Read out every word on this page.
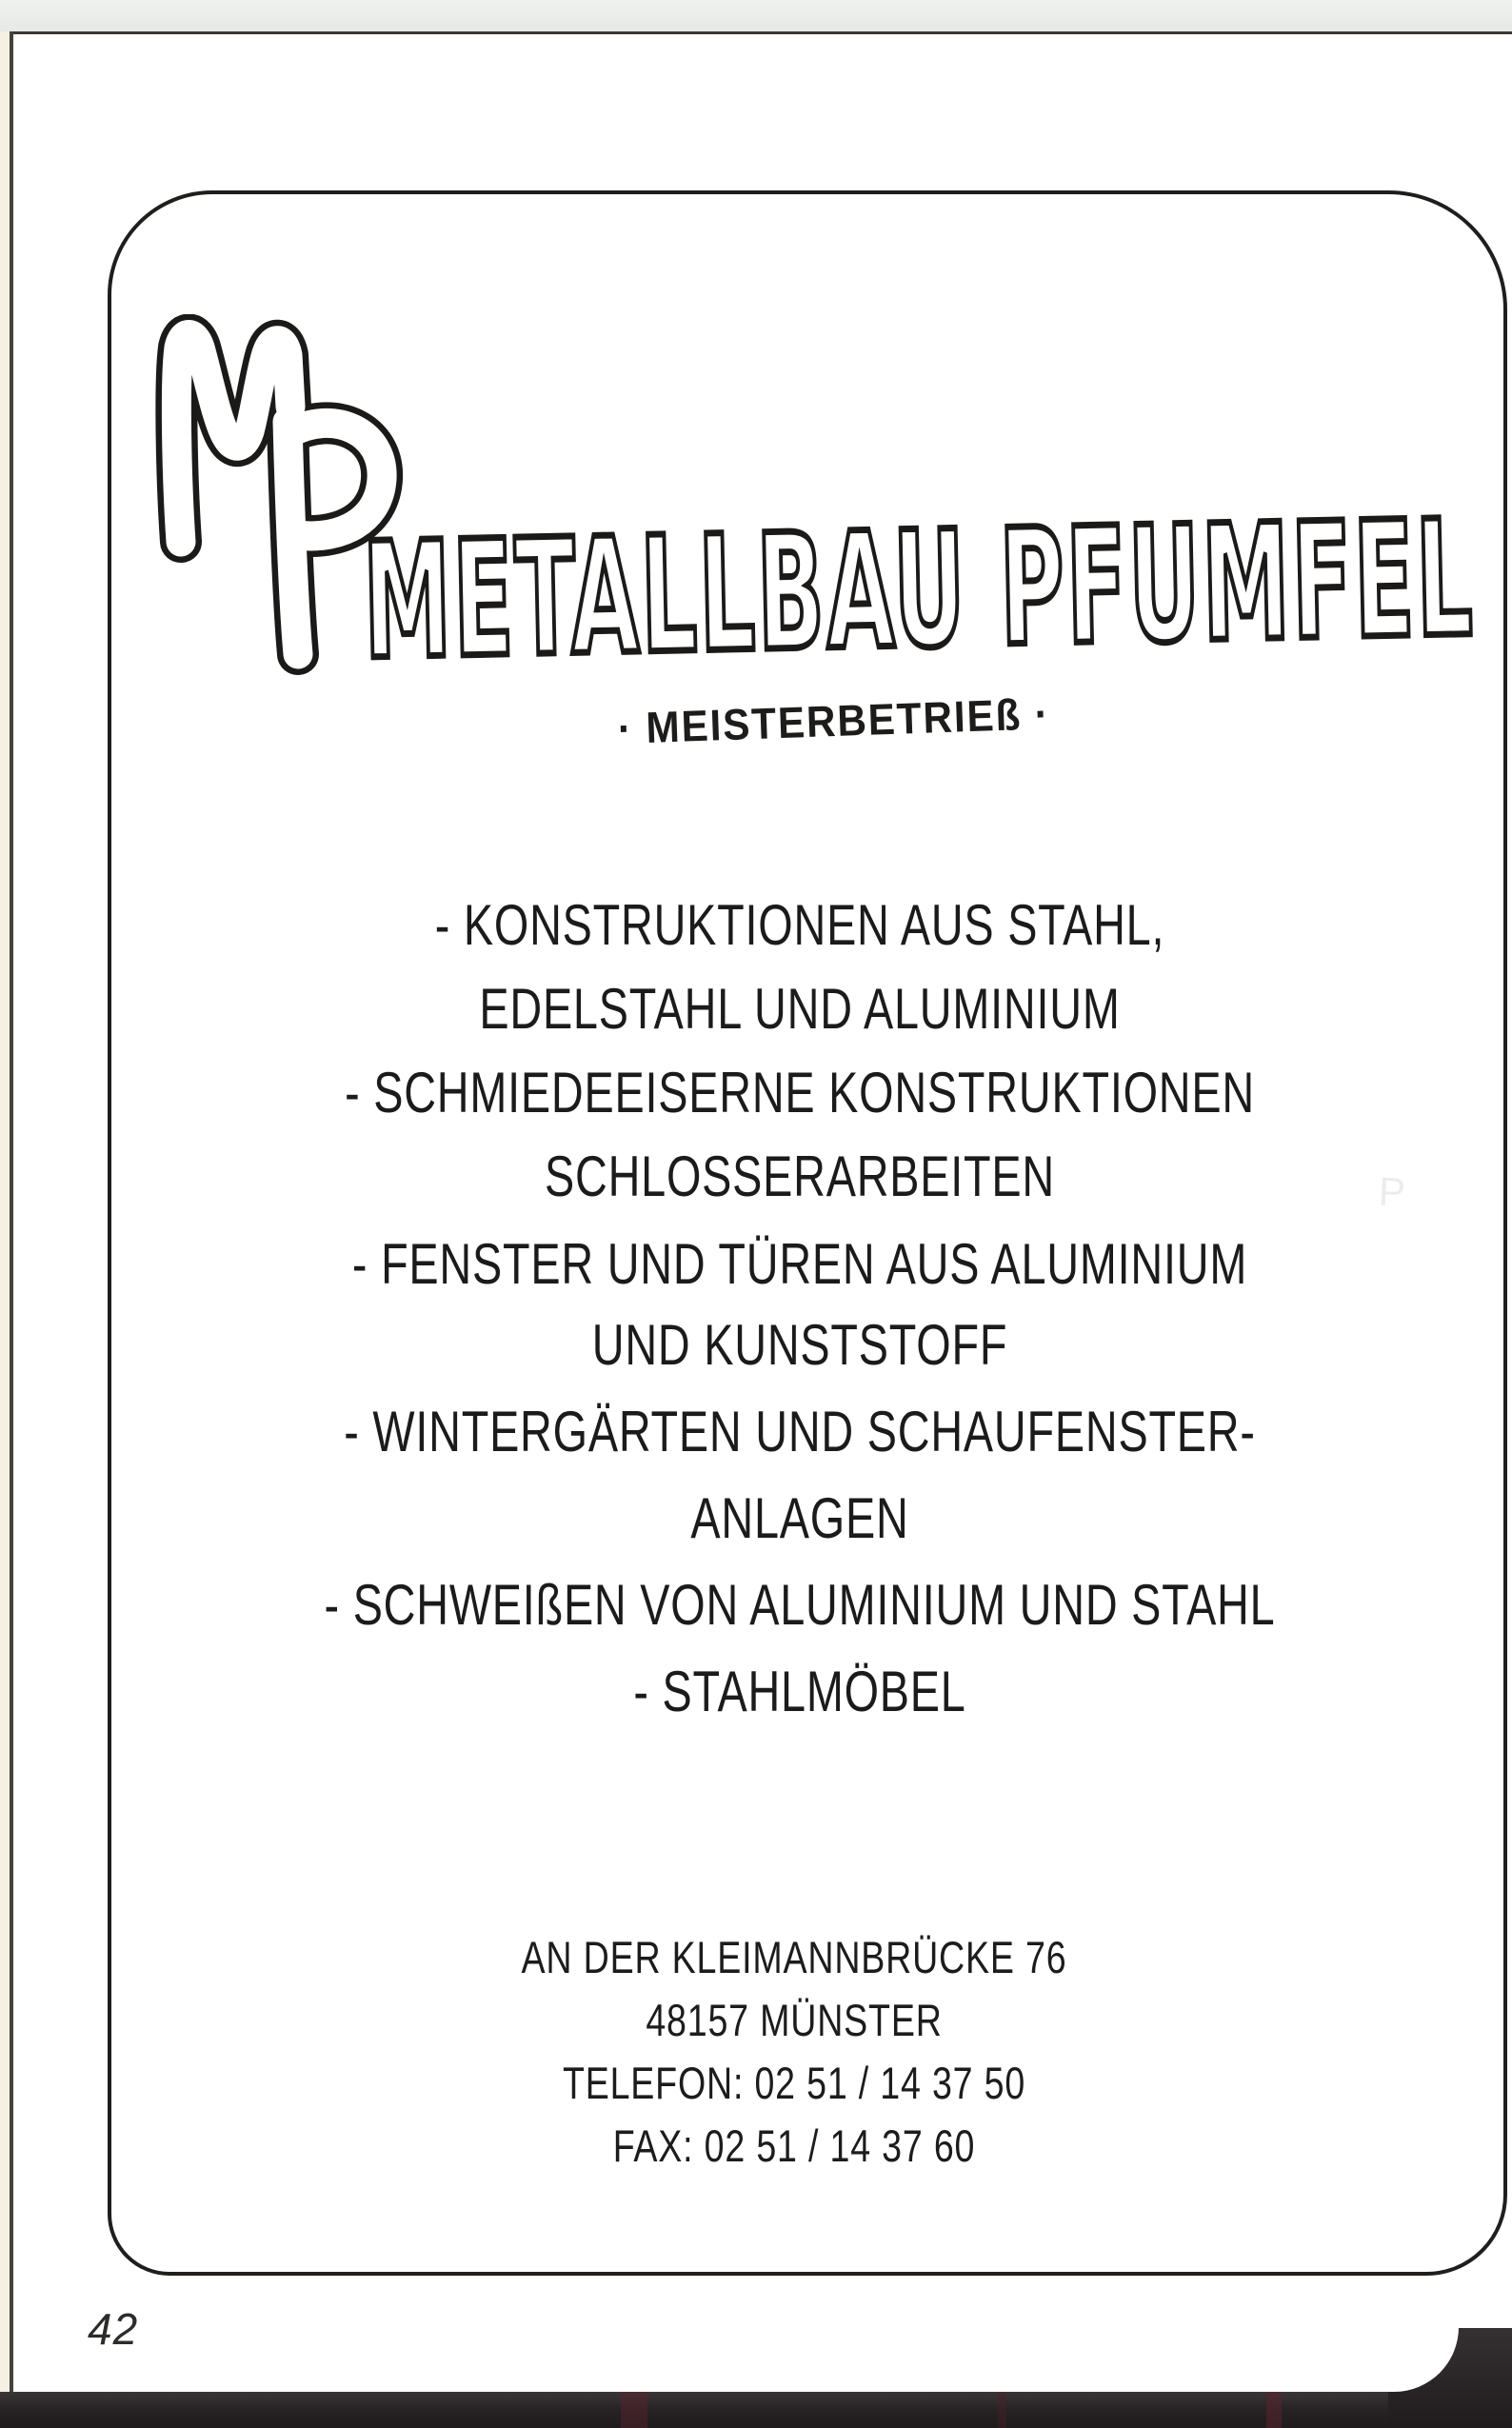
METALLBAU PFUMFEL
· MEISTERBETRIEß ·
- KONSTRUKTIONEN AUS STAHL,
EDELSTAHL UND ALUMINIUM
- SCHMIEDEEISERNE KONSTRUKTIONEN
SCHLOSSERARBEITEN
- FENSTER UND TÜREN AUS ALUMINIUM
UND KUNSTSTOFF
- WINTERGÄRTEN UND SCHAUFENSTER-
ANLAGEN
- SCHWEIßEN VON ALUMINIUM UND STAHL
- STAHLMÖBEL
AN DER KLEIMANNBRÜCKE 76
48157 MÜNSTER
TELEFON: 02 51 / 14 37 50
FAX: 02 51 / 14 37 60
P
42
